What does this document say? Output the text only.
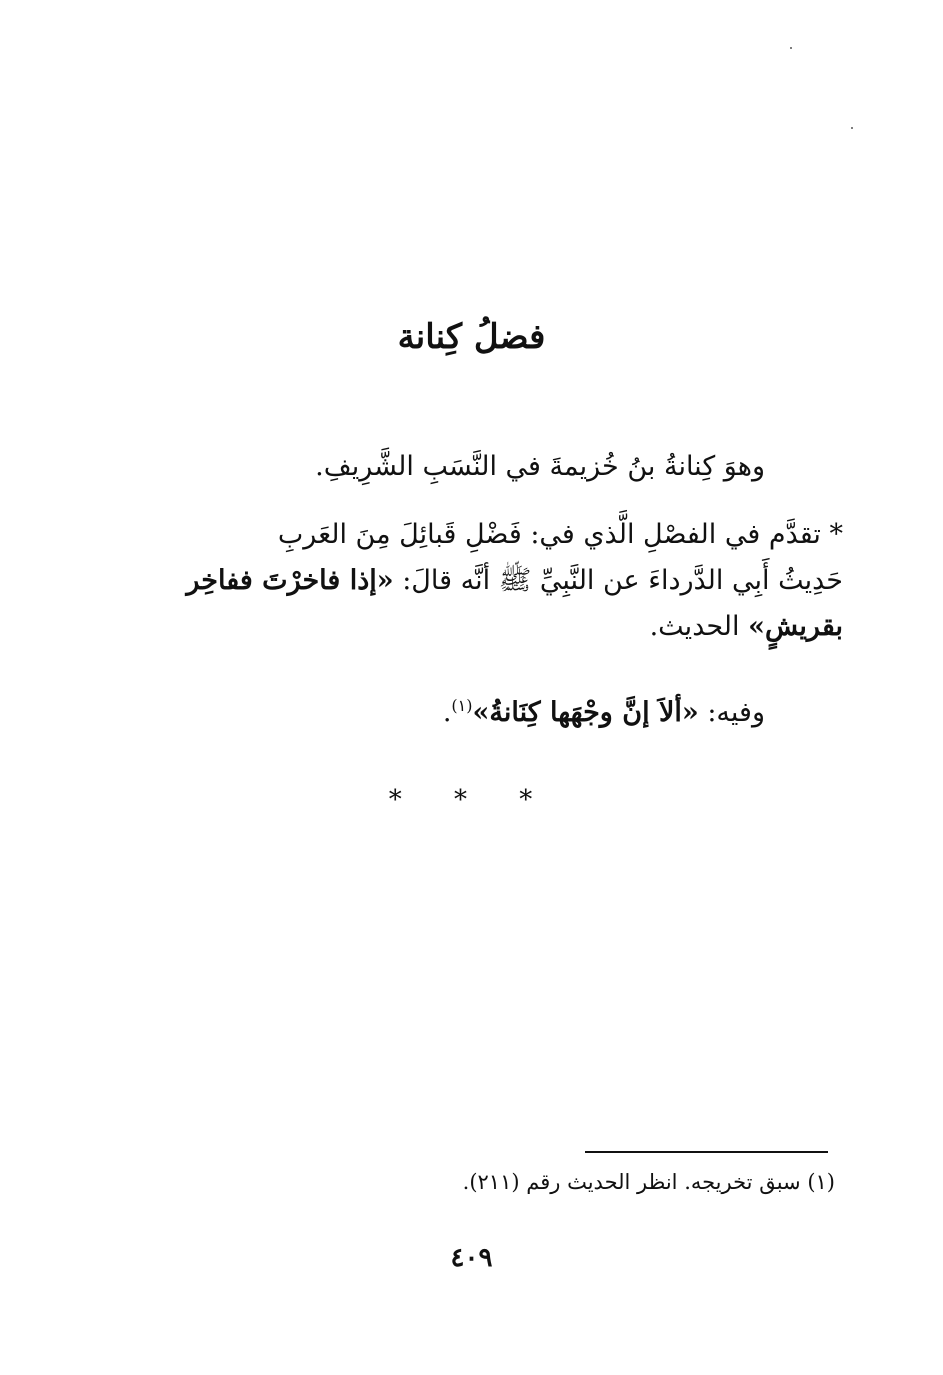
فضلُ كِنانة
وهوَ كِنانةُ بنُ خُزيمةَ في النَّسَبِ الشَّرِيفِ.
* تقدَّم في الفصْلِ الَّذي في: فَضْلِ قَبائِلَ مِنَ العَربِ
حَدِيثُ أَبِي الدَّرداءَ عن النَّبِيِّ ﷺ أنَّه قالَ: «إذا فاخرْتَ ففاخِر
بقريشٍ» الحديث.
وفيه: «ألاَ إنَّ وجْهَها كِنَانةُ»$^{(١)}$.
* * *
(١) سبق تخريجه. انظر الحديث رقم (٢١١).
٤٠٩
